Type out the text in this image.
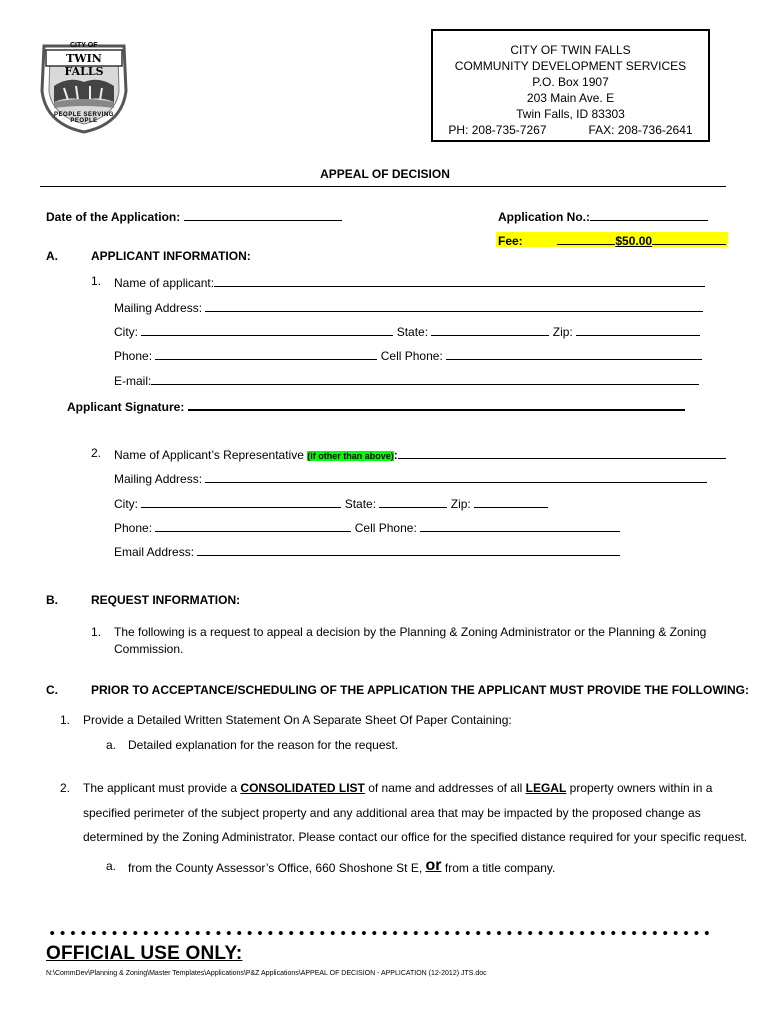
CITY OF
TWIN FALLS
PEOPLE SERVING PEOPLE
CITY OF TWIN FALLS
COMMUNITY DEVELOPMENT SERVICES
P.O. Box 1907
203 Main Ave. E
Twin Falls, ID 83303
PH: 208-735-7267	FAX: 208-736-2641
APPEAL OF DECISION
Date of the Application:	Application No.:
Fee:	$50.00
A.	APPLICANT INFORMATION:
1. Name of applicant:
Mailing Address:
City:	State:	Zip:
Phone:	Cell Phone:
E-mail:
Applicant Signature:
2. Name of Applicant’s Representative (if other than above):
Mailing Address:
City:	State:	Zip:
Phone:	Cell Phone:
Email Address:
B.	REQUEST INFORMATION:
1. The following is a request to appeal a decision by the Planning & Zoning Administrator or the Planning & Zoning
Commission.
C.	PRIOR TO ACCEPTANCE/SCHEDULING OF THE APPLICATION THE APPLICANT MUST PROVIDE THE FOLLOWING:
1. Provide a Detailed Written Statement On A Separate Sheet Of Paper Containing:
a. Detailed explanation for the reason for the request.
2. The applicant must provide a CONSOLIDATED LIST of name and addresses of all LEGAL property owners within in a
specified perimeter of the subject property and any additional area that may be impacted by the proposed change as
determined by the Zoning Administrator. Please contact our office for the specified distance required for your specific request.
a. from the County Assessor’s Office, 660 Shoshone St E, or from a title company.
OFFICIAL USE ONLY:
N:\CommDev\Planning & Zoning\Master Templates\Applications\P&Z Applications\APPEAL OF DECISION - APPLICATION (12-2012) JTS.doc
